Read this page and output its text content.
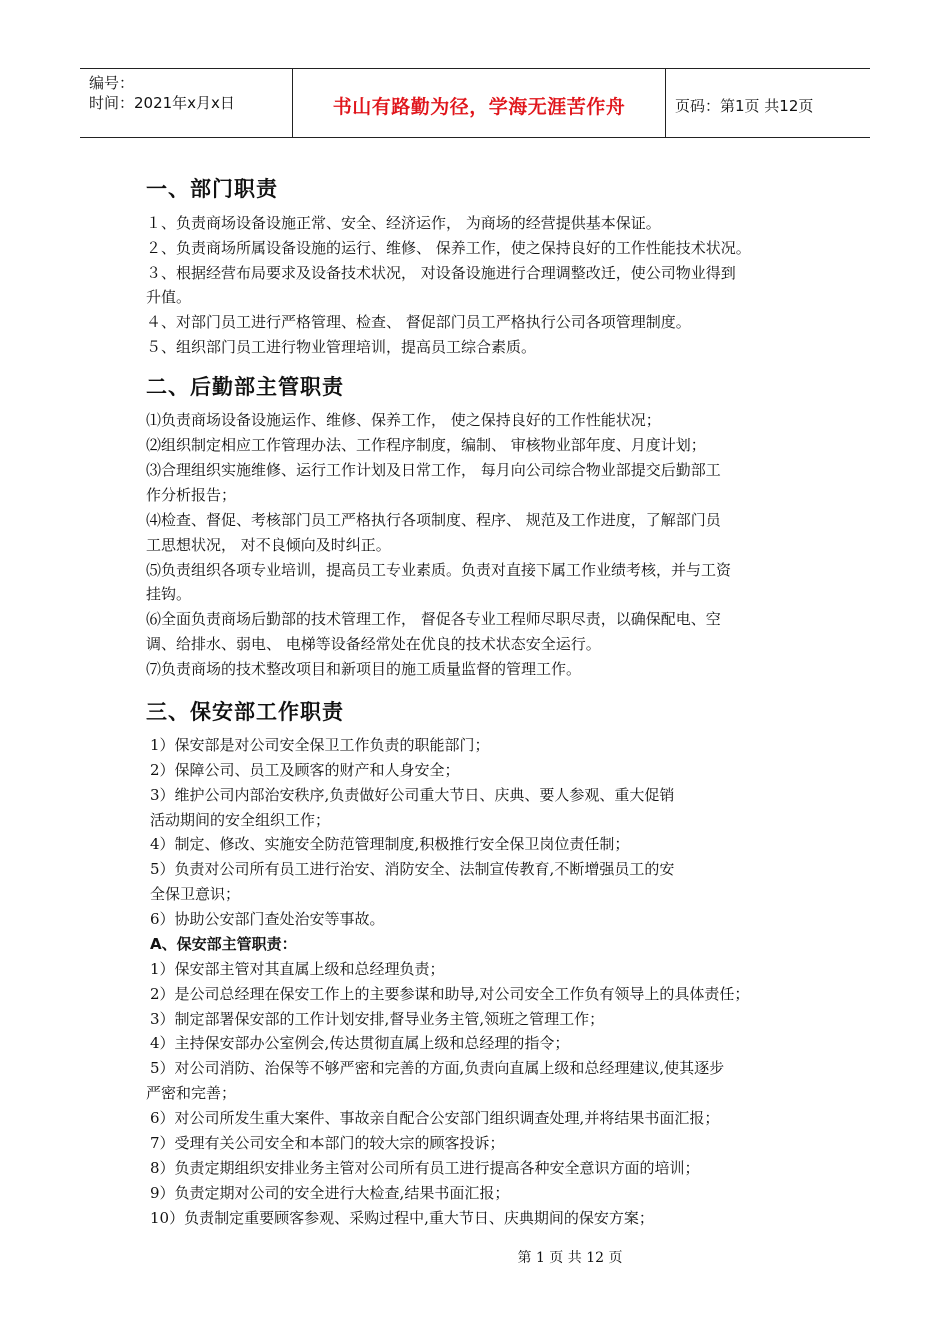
编号：
时间：2021年x月x日	书山有路勤为径，学海无涯苦作舟	页码：第1页 共12页
一、部门职责
１、负责商场设备设施正常、安全、经济运作， 为商场的经营提供基本保证。
２、负责商场所属设备设施的运行、维修、 保养工作，使之保持良好的工作性能技术状况。
３、根据经营布局要求及设备技术状况， 对设备设施进行合理调整改迁，使公司物业得到
升值。
４、对部门员工进行严格管理、检查、 督促部门员工严格执行公司各项管理制度。
５、组织部门员工进行物业管理培训，提高员工综合素质。
二、后勤部主管职责
⑴负责商场设备设施运作、维修、保养工作， 使之保持良好的工作性能状况；
⑵组织制定相应工作管理办法、工作程序制度，编制、 审核物业部年度、月度计划；
⑶合理组织实施维修、运行工作计划及日常工作， 每月向公司综合物业部提交后勤部工
作分析报告；
⑷检查、督促、考核部门员工严格执行各项制度、程序、 规范及工作进度，了解部门员
工思想状况， 对不良倾向及时纠正。
⑸负责组织各项专业培训，提高员工专业素质。负责对直接下属工作业绩考核，并与工资
挂钩。
⑹全面负责商场后勤部的技术管理工作， 督促各专业工程师尽职尽责，以确保配电、空
调、给排水、弱电、 电梯等设备经常处在优良的技术状态安全运行。
⑺负责商场的技术整改项目和新项目的施工质量监督的管理工作。
三、保安部工作职责
1）保安部是对公司安全保卫工作负责的职能部门；
2）保障公司、员工及顾客的财产和人身安全；
3）维护公司内部治安秩序,负责做好公司重大节日、庆典、要人参观、重大促销
活动期间的安全组织工作；
4）制定、修改、实施安全防范管理制度,积极推行安全保卫岗位责任制；
5）负责对公司所有员工进行治安、消防安全、法制宣传教育,不断增强员工的安
全保卫意识；
6）协助公安部门查处治安等事故。
A、保安部主管职责：
1）保安部主管对其直属上级和总经理负责；
2）是公司总经理在保安工作上的主要参谋和助导,对公司安全工作负有领导上的具体责任；
3）制定部署保安部的工作计划安排,督导业务主管,领班之管理工作；
4）主持保安部办公室例会,传达贯彻直属上级和总经理的指令；
5）对公司消防、治保等不够严密和完善的方面,负责向直属上级和总经理建议,使其逐步
严密和完善；
6）对公司所发生重大案件、事故亲自配合公安部门组织调查处理,并将结果书面汇报；
7）受理有关公司安全和本部门的较大宗的顾客投诉；
8）负责定期组织安排业务主管对公司所有员工进行提高各种安全意识方面的培训；
9）负责定期对公司的安全进行大检查,结果书面汇报；
10）负责制定重要顾客参观、采购过程中,重大节日、庆典期间的保安方案；
第 1 页 共 12 页
